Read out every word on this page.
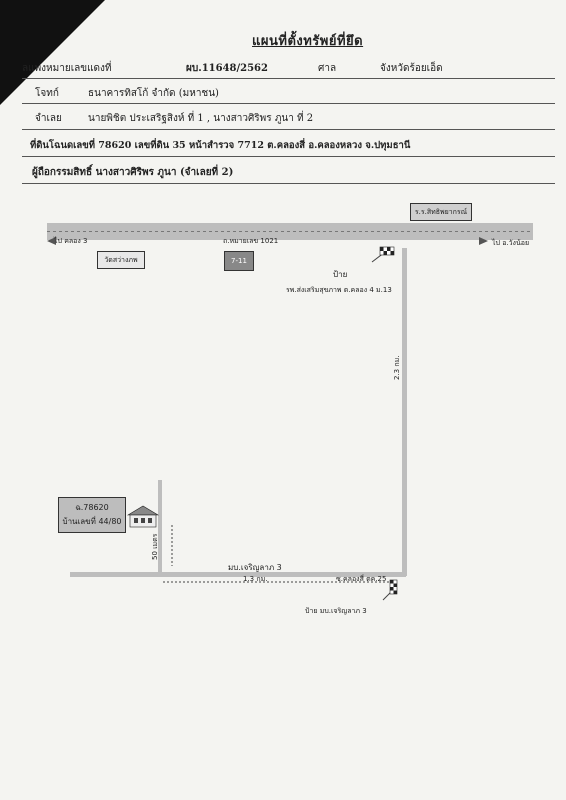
แผนที่ตั้งทรัพย์ที่ยึด
ลแพ่งหมายเลขแดงที่	ผบ.11648/2562	ศาล	จังหวัดร้อยเอ็ด
โจทก์	ธนาคารทิสโก้ จำกัด (มหาชน)
จำเลย	นายพิชิต ประเสริฐสิงห์ ที่ 1 , นางสาวศิริพร ภูนา ที่ 2
ที่ดินโฉนดเลขที่ 78620 เลขที่ดิน 35 หน้าสำรวจ 7712 ต.คลองสี่ อ.คลองหลวง จ.ปทุมธานี
ผู้ถือกรรมสิทธิ์ นางสาวศิริพร ภูนา (จำเลยที่ 2)
ร.ร.สิทธิพยากรณ์
ไป คลอง 3	ถ.หมายเลข 1021	ไป อ.วังน้อย
วัดสว่างภพ	7-11
ป้าย
รพ.ส่งเสริมสุขภาพ ต.คลอง 4 ม.13
2.3 กม.
ฉ.78620
บ้านเลขที่ 44/80
50 เมตร
มบ.เจริญลาภ 3
1.3 กม.	ซ.คลองสี่ ตค.25
ป้าย มบ.เจริญลาภ 3
